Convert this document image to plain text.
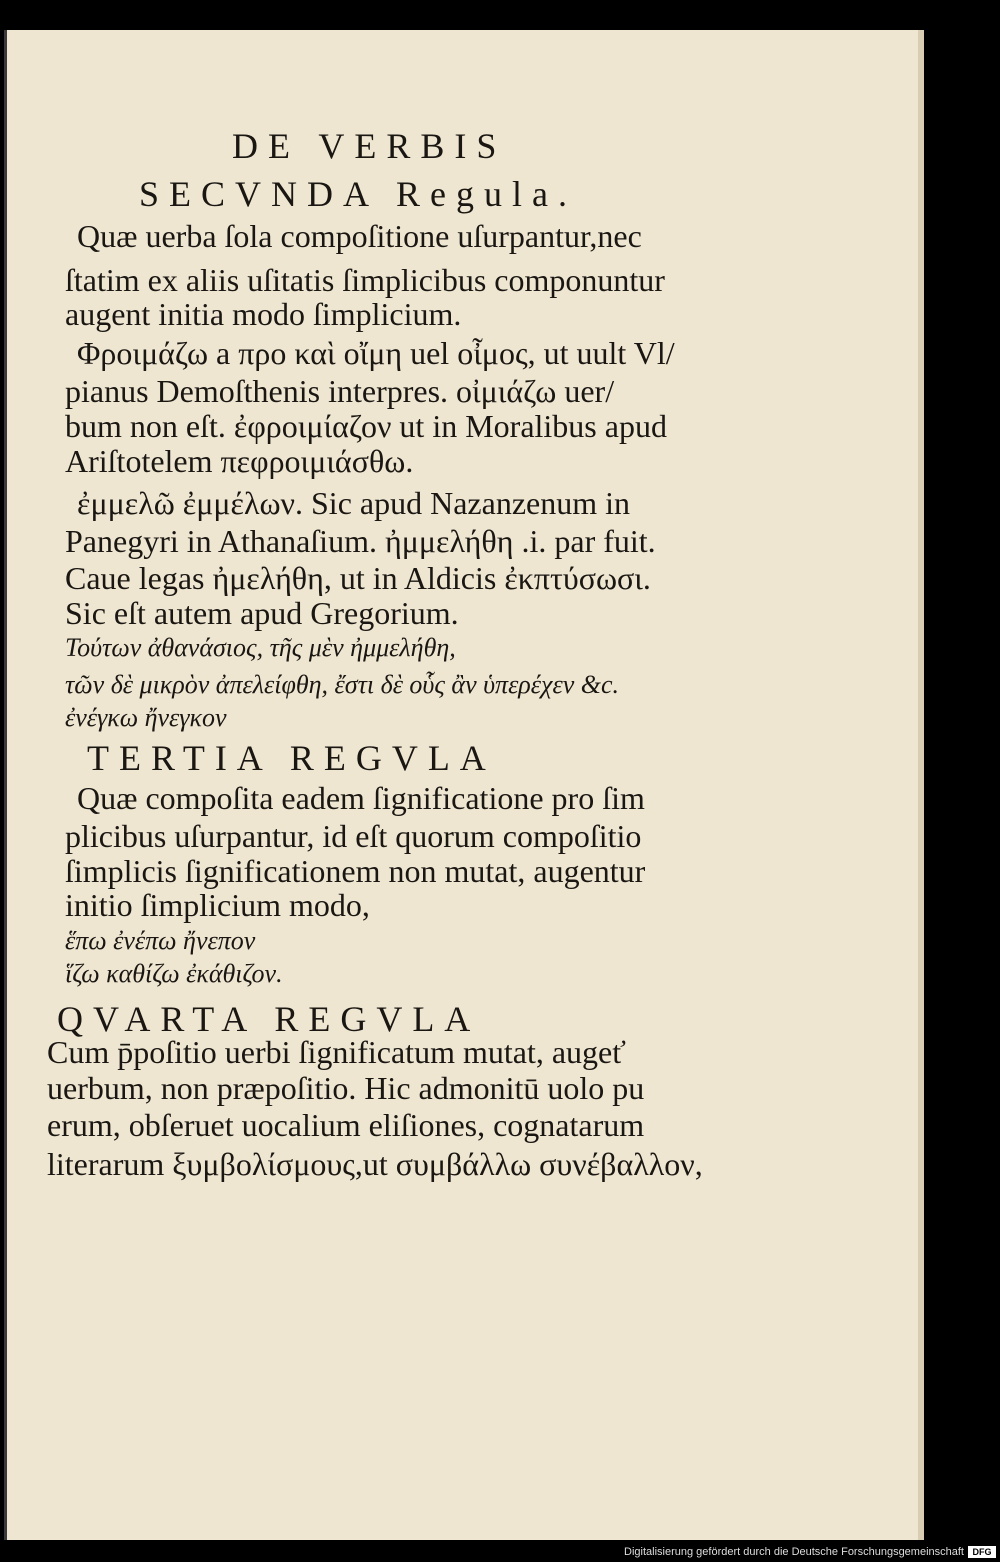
DE VERBIS
SECVNDA Regula.
Quæ uerba ſola compoſitione uſurpantur,nec
ſtatim ex aliis uſitatis ſimplicibus componuntur
augent initia modo ſimplicium.
Φροιμάζω a προ καὶ οἴμη uel οἶμος, ut uult Vl/
pianus Demoſthenis interpres. οἰμιάζω uer/
bum non eſt. ἐφροιμίαζον ut in Moralibus apud
Ariſtotelem πεφροιμιάσθω.
ἐμμελῶ ἐμμέλων. Sic apud Nazanzenum in
Panegyri in Athanaſium. ἠμμελήθη .i. par fuit.
Caue legas ἠμελήθη, ut in Aldicis ἐκπτύσωσι.
Sic eſt autem apud Gregorium.
Τούτων ἀθανάσιος, τῆς μὲν ἠμμελήθη,
τῶν δὲ μικρὸν ἀπελείφθη, ἔστι δὲ οὗς ἂν ὑπερέχεν &c.
ἐνέγκω ἤνεγκον
TERTIA REGVLA
Quæ compoſita eadem ſignificatione pro ſim
plicibus uſurpantur, id eſt quorum compoſitio
ſimplicis ſignificationem non mutat, augentur
initio ſimplicium modo,
ἕπω ἐνέπω ἤνεπον
ἵζω καθίζω ἐκάθιζον.
QVARTA REGVLA
Cum p̄poſitio uerbi ſignificatum mutat, augeť
uerbum, non præpoſitio. Hic admonitū uolo pu
erum, obſeruet uocalium eliſiones, cognatarum
literarum ξυμβολίσμους,ut συμβάλλω συνέβαλλον,
Digitalisierung gefördert durch die Deutsche Forschungsgemeinschaft DFG
